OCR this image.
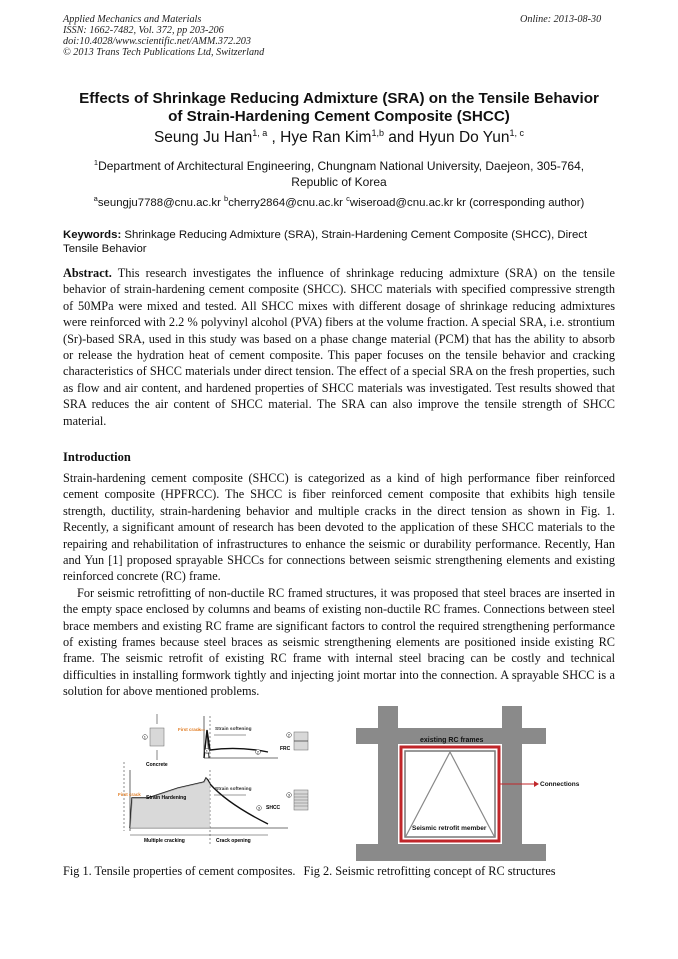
Applied Mechanics and Materials
ISSN: 1662-7482, Vol. 372, pp 203-206
doi:10.4028/www.scientific.net/AMM.372.203
© 2013 Trans Tech Publications Ltd, Switzerland
Online: 2013-08-30
Effects of Shrinkage Reducing Admixture (SRA) on the Tensile Behavior
of Strain-Hardening Cement Composite (SHCC)
Seung Ju Han$^{1, a}$ , Hye Ran Kim$^{1,b}$ and Hyun Do Yun$^{1, c}$
$^1$Department of Architectural Engineering, Chungnam National University, Daejeon, 305-764,
Republic of Korea
$^a$seungju7788@cnu.ac.kr $^b$cherry2864@cnu.ac.kr $^c$wiseroad@cnu.ac.kr kr (corresponding author)
Keywords: Shrinkage Reducing Admixture (SRA), Strain-Hardening Cement Composite (SHCC), Direct Tensile Behavior
Abstract. This research investigates the influence of shrinkage reducing admixture (SRA) on the tensile behavior of strain-hardening cement composite (SHCC). SHCC materials with specified compressive strength of 50MPa were mixed and tested. All SHCC mixes with different dosage of shrinkage reducing admixtures were reinforced with 2.2 % polyvinyl alcohol (PVA) fibers at the volume fraction. A special SRA, i.e. strontium (Sr)-based SRA, used in this study was based on a phase change material (PCM) that has the ability to absorb or release the hydration heat of cement composite. This paper focuses on the tensile behavior and cracking characteristics of SHCC materials under direct tension. The effect of a special SRA on the fresh properties, such as flow and air content, and hardened properties of SHCC materials was investigated. Test results showed that SRA reduces the air content of SHCC material. The SRA can also improve the tensile strength of SHCC material.
Introduction

Strain-hardening cement composite (SHCC) is categorized as a kind of high performance fiber reinforced cement composite (HPFRCC). The SHCC is fiber reinforced cement composite that exhibits high tensile strength, ductility, strain-hardening behavior and multiple cracks in the direct tension as shown in Fig. 1. Recently, a significant amount of research has been devoted to the application of these SHCC materials to the repairing and rehabilitation of infrastructures to enhance the seismic or durability performance. Recently, Han and Yun [1] proposed sprayable SHCCs for connections between seismic strengthening elements and existing reinforced concrete (RC) frame.

For seismic retrofitting of non-ductile RC framed structures, it was proposed that steel braces are inserted in the empty space enclosed by columns and beams of existing non-ductile RC frames. Connections between steel brace members and existing RC frame are significant factors to control the required strengthening performance of existing frames because steel braces as seismic strengthening elements are positioned inside existing RC frame. The seismic retrofit of existing RC frame with internal steel bracing can be costly and technical difficulties in installing formwork tightly and injecting joint mortar into the connection. A sprayable SHCC is a solution for above mentioned problems.

First crack	Strain softening
1	2
1
Concrete
2
FRC
First crack
Strain Hardening
Strain softening
3 SHCC
3
Multiple cracking	Crack opening
existing RC frames
Connections
Seismic retrofit member
Fig 1. Tensile properties of cement composites. Fig 2. Seismic retrofitting concept of RC structures
